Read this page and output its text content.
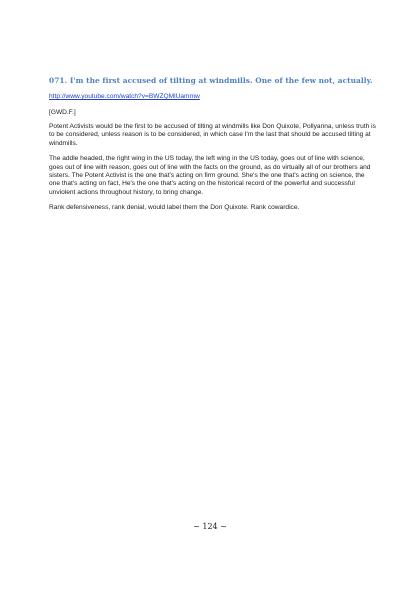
071. I'm the first accused of tilting at windmills. One of the few not, actually.
http://www.youtube.com/watch?v=BWZQMlUammw
[GWD.F.]

Potent Activists would be the first to be accused of tilting at windmills like Don Quixote, Pollyanna, unless truth is to be considered, unless reason is to be considered, in which case I'm the last that should be accused tilting at windmills.

The addle headed, the right wing in the US today, the left wing in the US today, goes out of line with science, goes out of line with reason, goes out of line with the facts on the ground, as do virtually all of our brothers and sisters. The Potent Activist is the one that's acting on firm ground. She's the one that's acting on science, the one that's acting on fact, He's the one that's acting on the historical record of the powerful and successful unviolent actions throughout history, to bring change.

Rank defensiveness, rank denial, would label them the Don Quixote. Rank cowardice.

~ 124 ~
